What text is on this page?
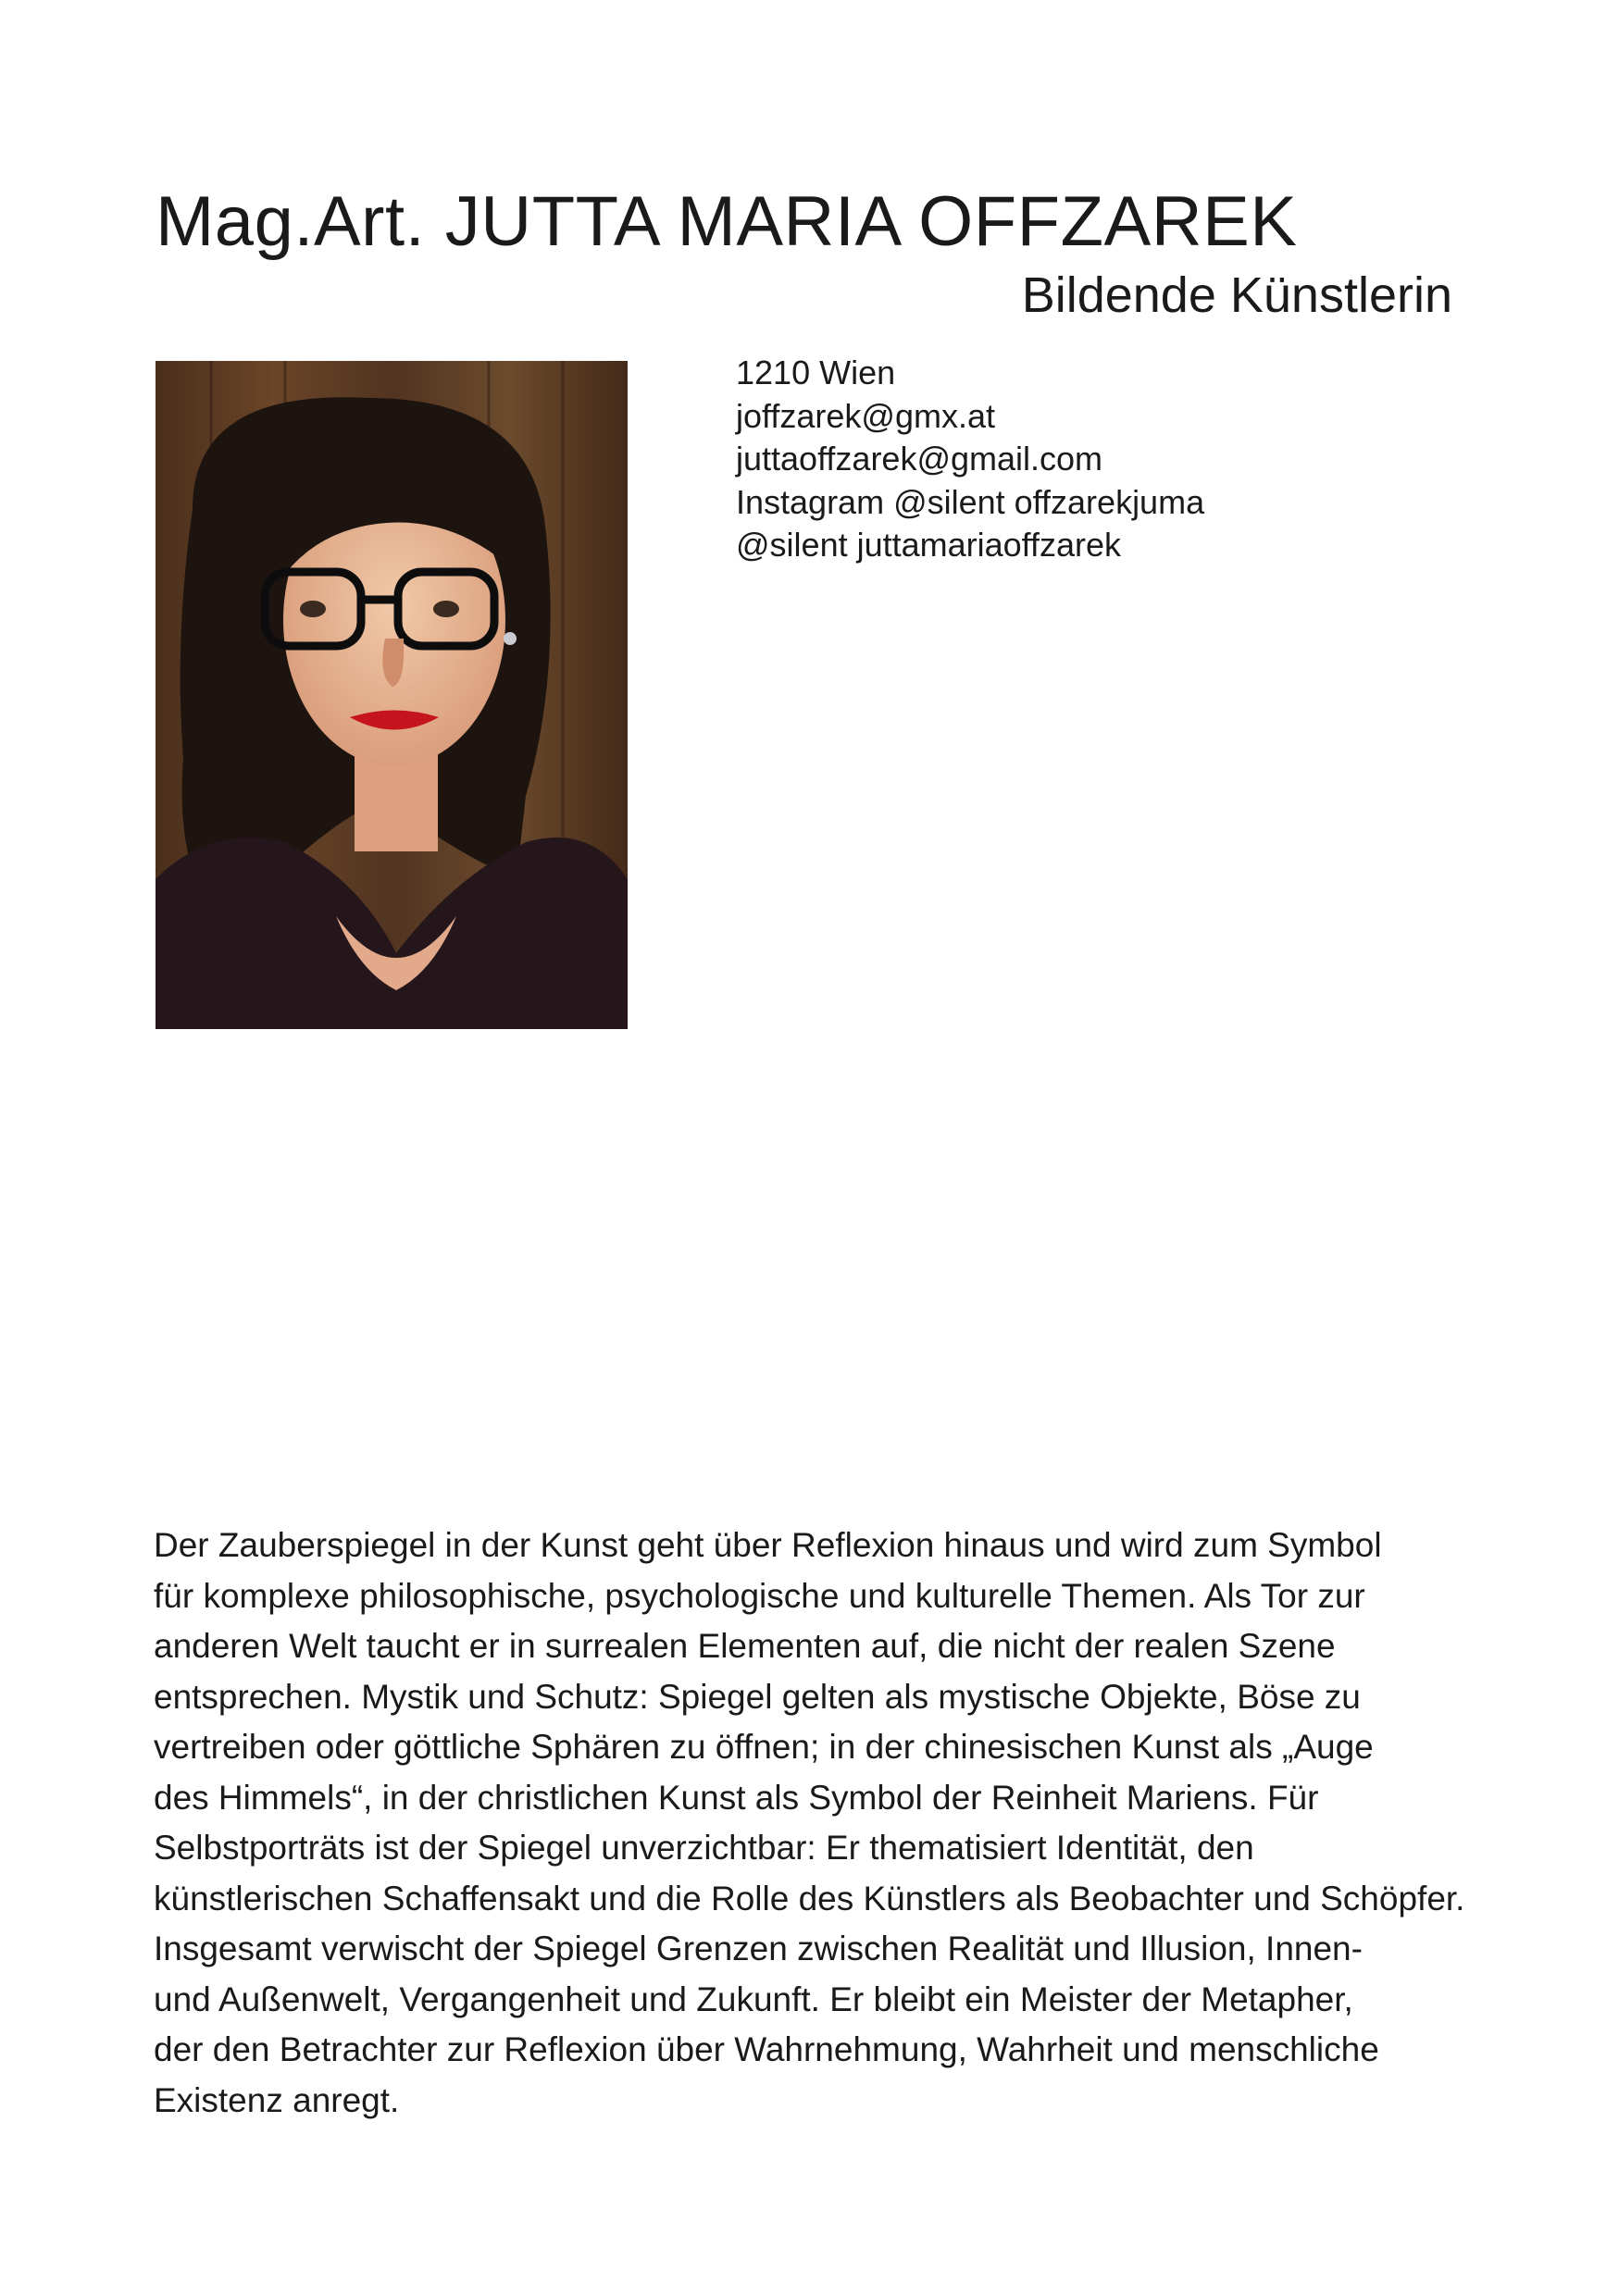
Mag.Art. JUTTA MARIA OFFZAREK
Bildende Künstlerin
1210 Wien
joffzarek@gmx.at
juttaoffzarek@gmail.com
Instagram @silent offzarekjuma
@silent juttamariaoffzarek

Der Zauberspiegel in der Kunst geht über Reflexion hinaus und wird zum Symbol
für komplexe philosophische, psychologische und kulturelle Themen. Als Tor zur
anderen Welt taucht er in surrealen Elementen auf, die nicht der realen Szene
entsprechen. Mystik und Schutz: Spiegel gelten als mystische Objekte, Böse zu
vertreiben oder göttliche Sphären zu öffnen; in der chinesischen Kunst als „Auge
des Himmels“, in der christlichen Kunst als Symbol der Reinheit Mariens. Für
Selbstporträts ist der Spiegel unverzichtbar: Er thematisiert Identität, den
künstlerischen Schaffensakt und die Rolle des Künstlers als Beobachter und Schöpfer.
Insgesamt verwischt der Spiegel Grenzen zwischen Realität und Illusion, Innen-
und Außenwelt, Vergangenheit und Zukunft. Er bleibt ein Meister der Metapher,
der den Betrachter zur Reflexion über Wahrnehmung, Wahrheit und menschliche
Existenz anregt.
